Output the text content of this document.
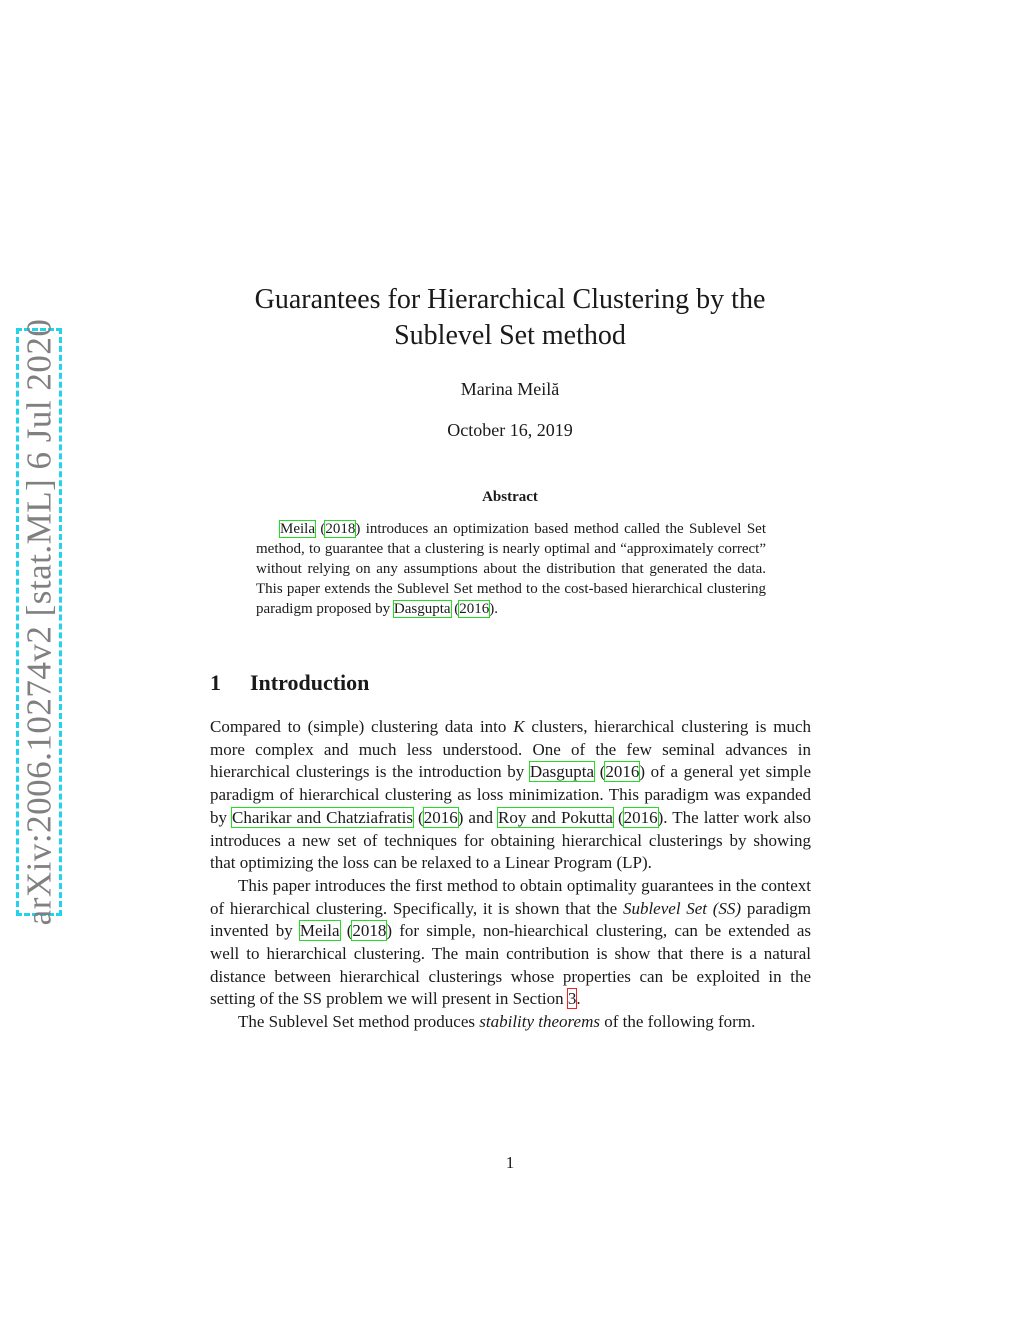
arXiv:2006.10274v2 [stat.ML] 6 Jul 2020
Guarantees for Hierarchical Clustering by the
Sublevel Set method
Marina Meilă
October 16, 2019
Abstract

Meila (2018) introduces an optimization based method called the Sublevel Set method, to guarantee that a clustering is nearly optimal and “approximately correct” without relying on any assumptions about the distribution that generated the data. This paper extends the Sublevel Set method to the cost-based hierarchical clustering paradigm proposed by Dasgupta (2016).

1 Introduction

Compared to (simple) clustering data into K clusters, hierarchical clustering is much more complex and much less understood. One of the few seminal advances in hierarchical clusterings is the introduction by Dasgupta (2016) of a general yet simple paradigm of hierarchical clustering as loss minimization. This paradigm was expanded by Charikar and Chatziafratis (2016) and Roy and Pokutta (2016). The latter work also introduces a new set of techniques for obtaining hierarchical clusterings by showing that optimizing the loss can be relaxed to a Linear Program (LP).

This paper introduces the first method to obtain optimality guarantees in the context of hierarchical clustering. Specifically, it is shown that the Sublevel Set (SS) paradigm invented by Meila (2018) for simple, non-hiearchical clustering, can be extended as well to hierarchical clustering. The main contribution is show that there is a natural distance between hierarchical clusterings whose properties can be exploited in the setting of the SS problem we will present in Section 3.

The Sublevel Set method produces stability theorems of the following form.

1
